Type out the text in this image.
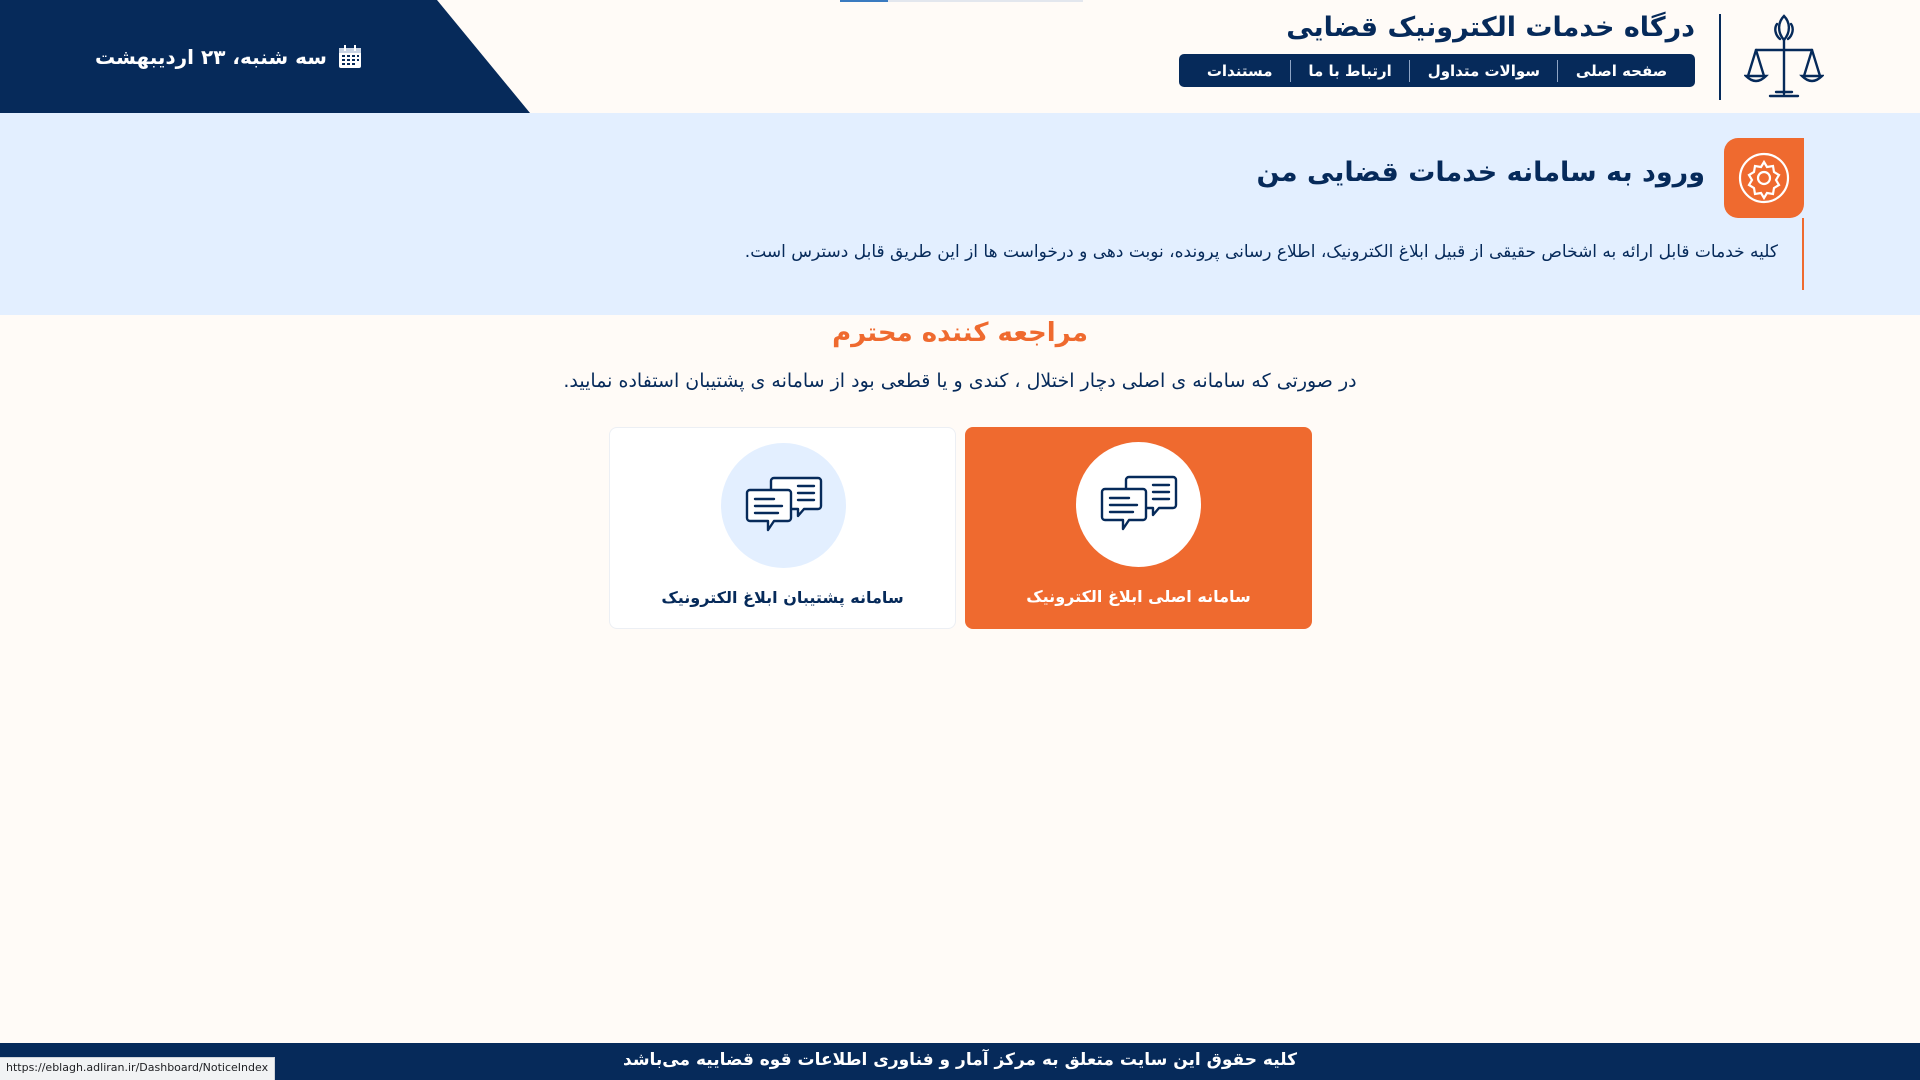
سه شنبه، ۲۳ اردیبهشت
درگاه خدمات الکترونیک قضایی
صفحه اصلی
سوالات متداول
ارتباط با ما
مستندات
ورود به سامانه خدمات قضایی من

کلیه خدمات قابل ارائه به اشخاص حقیقی از قبیل ابلاغ الکترونیک، اطلاع رسانی پرونده، نوبت دهی و درخواست ها از این طریق قابل دسترس است.

مراجعه کننده محترم

در صورتی که سامانه ی اصلی دچار اختلال ، کندی و یا قطعی بود از سامانه ی پشتیبان استفاده نمایید.

سامانه اصلی ابلاغ الکترونیک
سامانه پشتیبان ابلاغ الکترونیک
کلیه حقوق این سایت متعلق به مرکز آمار و فناوری اطلاعات قوه قضاییه می‌باشد
https://eblagh.adliran.ir/Dashboard/NoticeIndex
